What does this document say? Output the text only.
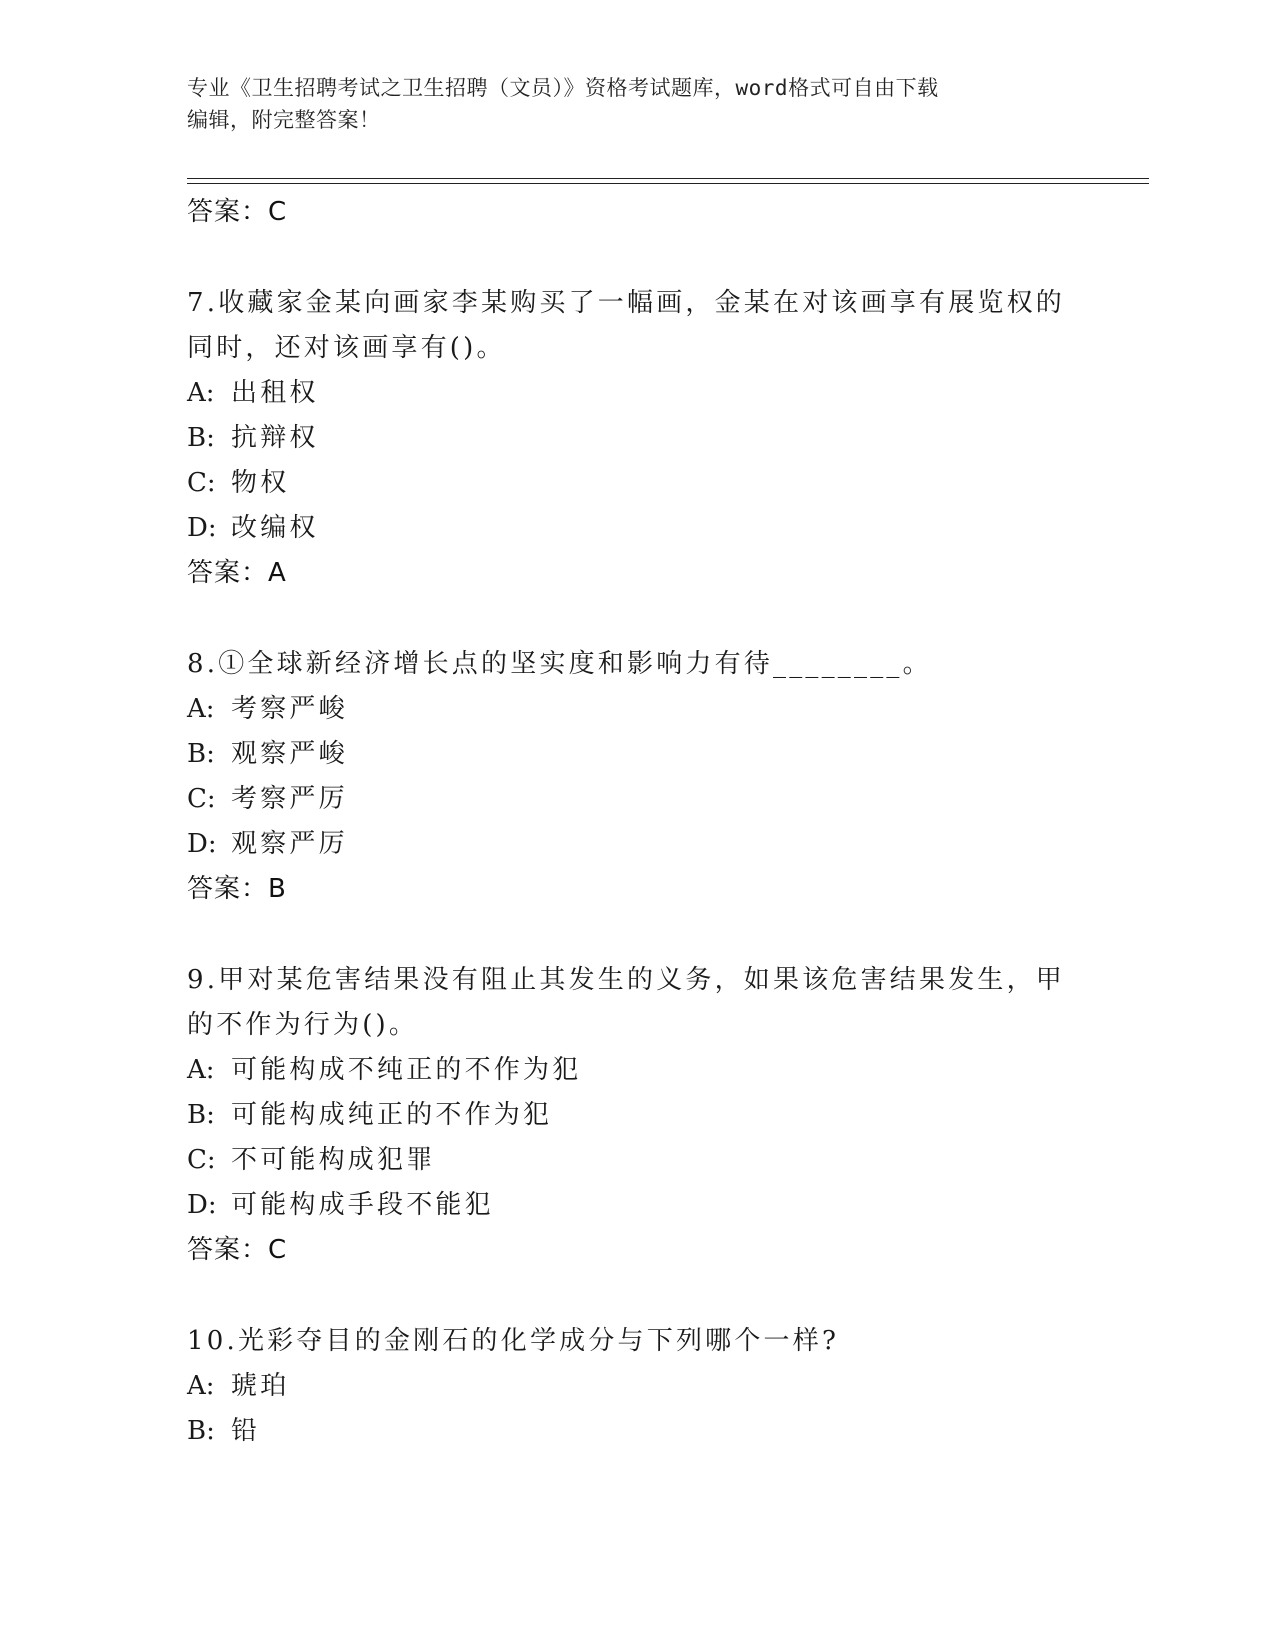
专业《卫生招聘考试之卫生招聘（文员）》资格考试题库，word格式可自由下载
编辑，附完整答案！
答案：C
7.收藏家金某向画家李某购买了一幅画，金某在对该画享有展览权的
同时，还对该画享有()。
A: 出租权
B: 抗辩权
C: 物权
D: 改编权
答案：A
8.①全球新经济增长点的坚实度和影响力有待________。
A: 考察严峻
B: 观察严峻
C: 考察严厉
D: 观察严厉
答案：B
9.甲对某危害结果没有阻止其发生的义务，如果该危害结果发生，甲
的不作为行为()。
A: 可能构成不纯正的不作为犯
B: 可能构成纯正的不作为犯
C: 不可能构成犯罪
D: 可能构成手段不能犯
答案：C
10.光彩夺目的金刚石的化学成分与下列哪个一样?
A: 琥珀
B: 铅
